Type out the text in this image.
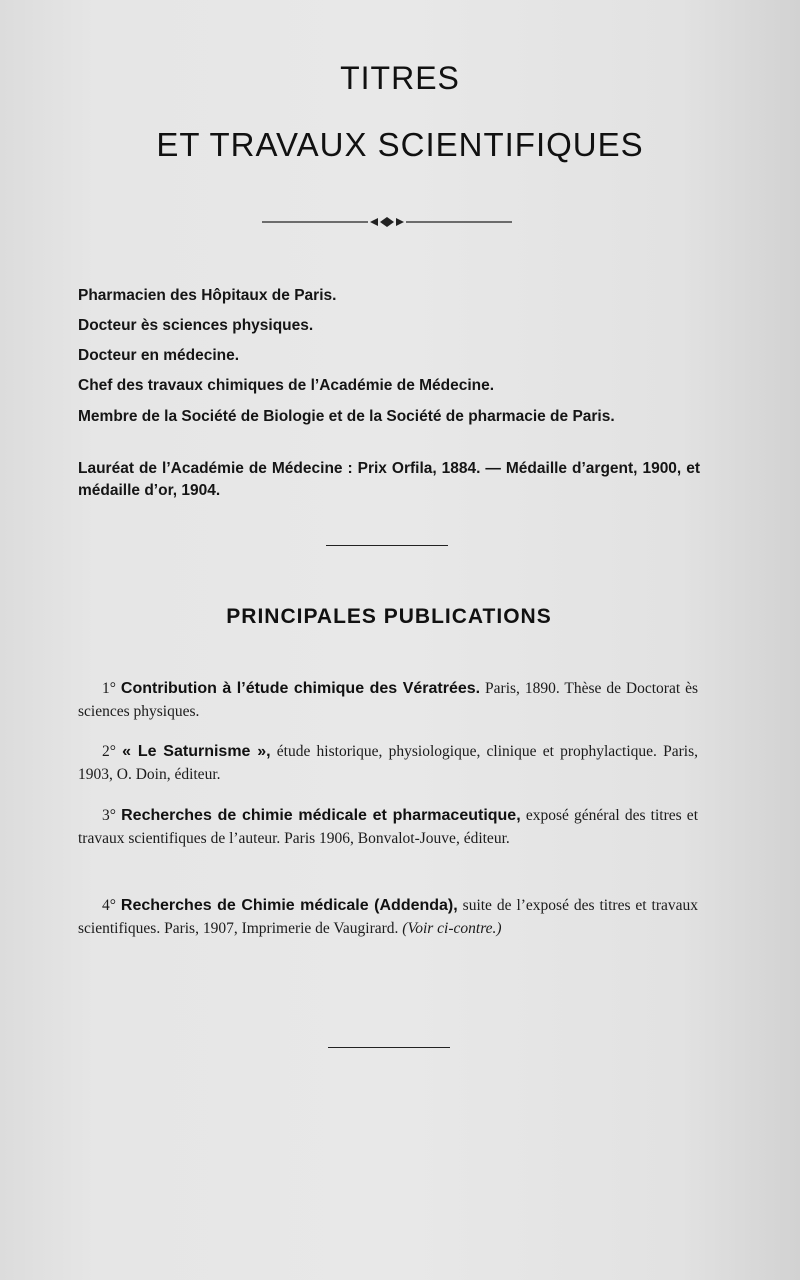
TITRES
ET TRAVAUX SCIENTIFIQUES
Pharmacien des Hôpitaux de Paris.
Docteur ès sciences physiques.
Docteur en médecine.
Chef des travaux chimiques de l’Académie de Médecine.
Membre de la Société de Biologie et de la Société de pharmacie de Paris.
Lauréat de l’Académie de Médecine : Prix Orfila, 1884. — Médaille d’argent, 1900, et médaille d’or, 1904.
PRINCIPALES PUBLICATIONS
1° Contribution à l’étude chimique des Vératrées. Paris, 1890. Thèse de Doctorat ès sciences physiques.
2° « Le Saturnisme », étude historique, physiologique, clinique et prophylactique. Paris, 1903, O. Doin, éditeur.
3° Recherches de chimie médicale et pharmaceutique, exposé général des titres et travaux scientifiques de l’auteur. Paris 1906, Bonvalot-Jouve, éditeur.
4° Recherches de Chimie médicale (Addenda), suite de l’exposé des titres et travaux scientifiques. Paris, 1907, Imprimerie de Vaugirard. (Voir ci-contre.)
